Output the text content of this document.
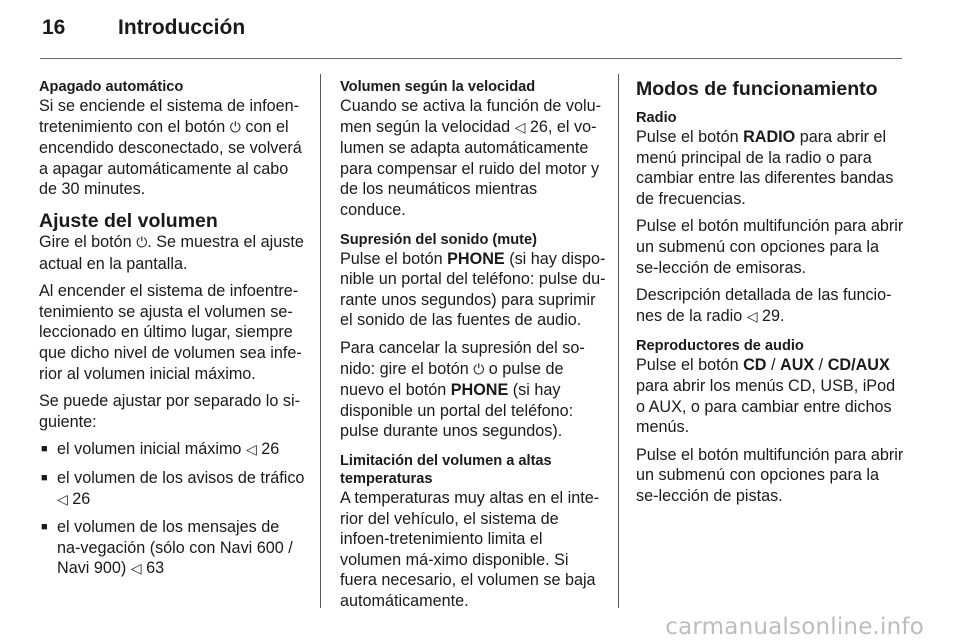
16	Introducción
Apagado automático

Si se enciende el sistema de infoen-tretenimiento con el botón ⏻ con el encendido desconectado, se volverá a apagar automáticamente al cabo de 30 minutes.

Ajuste del volumen

Gire el botón ⏻. Se muestra el ajuste actual en la pantalla.

Al encender el sistema de infoentre-tenimiento se ajusta el volumen se-leccionado en último lugar, siempre que dicho nivel de volumen sea infe-rior al volumen inicial máximo.

Se puede ajustar por separado lo si-guiente:

■ el volumen inicial máximo ◁ 26
■ el volumen de los avisos de tráfico ◁ 26
■ el volumen de los mensajes de na-vegación (sólo con Navi 600 / Navi 900) ◁ 63
Volumen según la velocidad

Cuando se activa la función de volu-men según la velocidad ◁ 26, el vo-lumen se adapta automáticamente para compensar el ruido del motor y de los neumáticos mientras conduce.

Supresión del sonido (mute)

Pulse el botón PHONE (si hay dispo-nible un portal del teléfono: pulse du-rante unos segundos) para suprimir el sonido de las fuentes de audio.

Para cancelar la supresión del so-nido: gire el botón ⏻ o pulse de nuevo el botón PHONE (si hay disponible un portal del teléfono: pulse durante unos segundos).

Limitación del volumen a altas temperaturas

A temperaturas muy altas en el inte-rior del vehículo, el sistema de infoen-tretenimiento limita el volumen má-ximo disponible. Si fuera necesario, el volumen se baja automáticamente.

Modos de funcionamiento
Radio

Pulse el botón RADIO para abrir el menú principal de la radio o para cambiar entre las diferentes bandas de frecuencias.

Pulse el botón multifunción para abrir un submenú con opciones para la se-lección de emisoras.

Descripción detallada de las funcio-nes de la radio ◁ 29.

Reproductores de audio

Pulse el botón CD / AUX / CD/AUX para abrir los menús CD, USB, iPod o AUX, o para cambiar entre dichos menús.

Pulse el botón multifunción para abrir un submenú con opciones para la se-lección de pistas.

carmanualsonline.info
